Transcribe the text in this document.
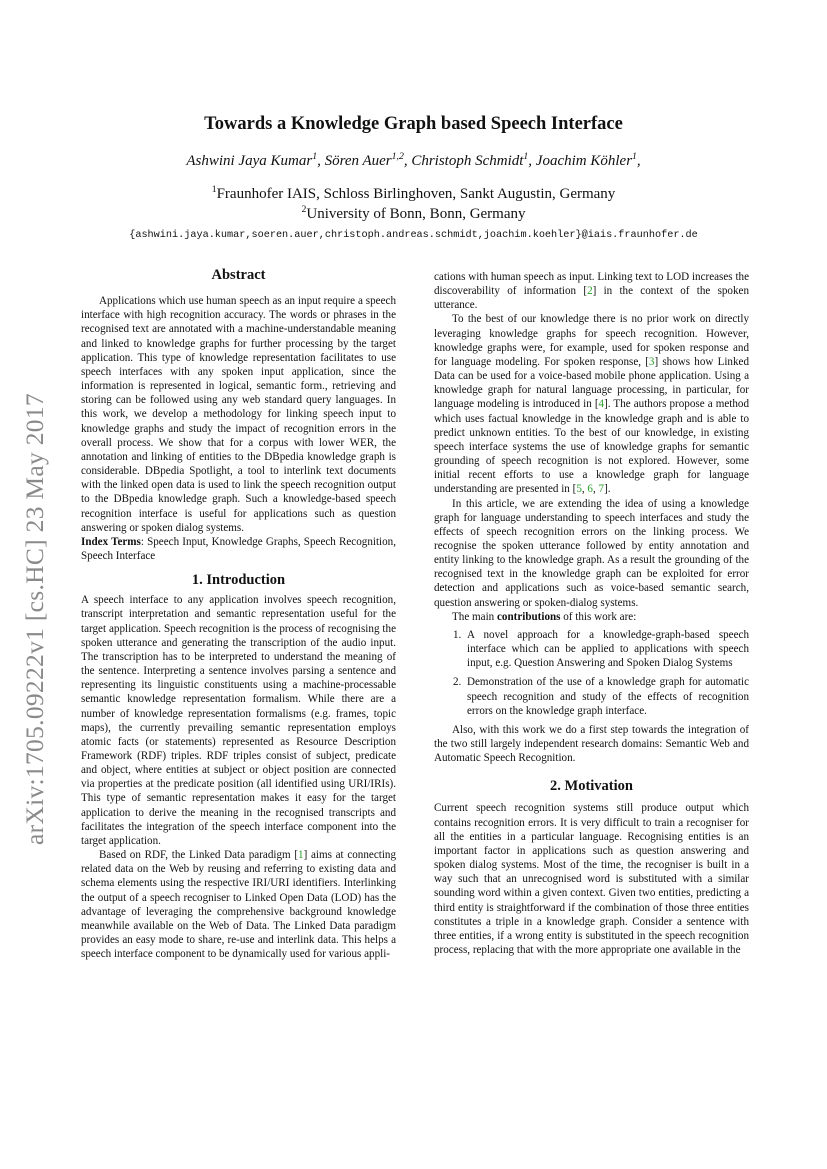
arXiv:1705.09222v1 [cs.HC] 23 May 2017
Towards a Knowledge Graph based Speech Interface
Ashwini Jaya Kumar$^1$, Sören Auer$^{1,2}$, Christoph Schmidt$^1$, Joachim Köhler$^1$,
$^1$Fraunhofer IAIS, Schloss Birlinghoven, Sankt Augustin, Germany
$^2$University of Bonn, Bonn, Germany
{ashwini.jaya.kumar,soeren.auer,christoph.andreas.schmidt,joachim.koehler}@iais.fraunhofer.de
Abstract

Applications which use human speech as an input require a speech interface with high recognition accuracy. The words or phrases in the recognised text are annotated with a machine-understandable meaning and linked to knowledge graphs for further processing by the target application. This type of knowledge representation facilitates to use speech interfaces with any spoken input application, since the information is represented in logical, semantic form., retrieving and storing can be followed using any web standard query languages. In this work, we develop a methodology for linking speech input to knowledge graphs and study the impact of recognition errors in the overall process. We show that for a corpus with lower WER, the annotation and linking of entities to the DBpedia knowledge graph is considerable. DBpedia Spotlight, a tool to interlink text documents with the linked open data is used to link the speech recognition output to the DBpedia knowledge graph. Such a knowledge-based speech recognition interface is useful for applications such as question answering or spoken dialog systems.

Index Terms: Speech Input, Knowledge Graphs, Speech Recognition, Speech Interface

1. Introduction

A speech interface to any application involves speech recognition, transcript interpretation and semantic representation useful for the target application. Speech recognition is the process of recognising the spoken utterance and generating the transcription of the audio input. The transcription has to be interpreted to understand the meaning of the sentence. Interpreting a sentence involves parsing a sentence and representing its linguistic constituents using a machine-processable semantic knowledge representation formalism. While there are a number of knowledge representation formalisms (e.g. frames, topic maps), the currently prevailing semantic representation employs atomic facts (or statements) represented as Resource Description Framework (RDF) triples. RDF triples consist of subject, predicate and object, where entities at subject or object position are connected via properties at the predicate position (all identified using URI/IRIs). This type of semantic representation makes it easy for the target application to derive the meaning in the recognised transcripts and facilitates the integration of the speech interface component into the target application.

Based on RDF, the Linked Data paradigm [1] aims at connecting related data on the Web by reusing and referring to existing data and schema elements using the respective IRI/URI identifiers. Interlinking the output of a speech recogniser to Linked Open Data (LOD) has the advantage of leveraging the comprehensive background knowledge meanwhile available on the Web of Data. The Linked Data paradigm provides an easy mode to share, re-use and interlink data. This helps a speech interface component to be dynamically used for various appli-

cations with human speech as input. Linking text to LOD increases the discoverability of information [2] in the context of the spoken utterance.

To the best of our knowledge there is no prior work on directly leveraging knowledge graphs for speech recognition. However, knowledge graphs were, for example, used for spoken response and for language modeling. For spoken response, [3] shows how Linked Data can be used for a voice-based mobile phone application. Using a knowledge graph for natural language processing, in particular, for language modeling is introduced in [4]. The authors propose a method which uses factual knowledge in the knowledge graph and is able to predict unknown entities. To the best of our knowledge, in existing speech interface systems the use of knowledge graphs for semantic grounding of speech recognition is not explored. However, some initial recent efforts to use a knowledge graph for language understanding are presented in [5, 6, 7].

In this article, we are extending the idea of using a knowledge graph for language understanding to speech interfaces and study the effects of speech recognition errors on the linking process. We recognise the spoken utterance followed by entity annotation and entity linking to the knowledge graph. As a result the grounding of the recognised text in the knowledge graph can be exploited for error detection and applications such as voice-based semantic search, question answering or spoken-dialog systems.

The main contributions of this work are:

1. A novel approach for a knowledge-graph-based speech interface which can be applied to applications with speech input, e.g. Question Answering and Spoken Dialog Systems
2. Demonstration of the use of a knowledge graph for automatic speech recognition and study of the effects of recognition errors on the knowledge graph interface.

Also, with this work we do a first step towards the integration of the two still largely independent research domains: Semantic Web and Automatic Speech Recognition.

2. Motivation

Current speech recognition systems still produce output which contains recognition errors. It is very difficult to train a recogniser for all the entities in a particular language. Recognising entities is an important factor in applications such as question answering and spoken dialog systems. Most of the time, the recogniser is built in a way such that an unrecognised word is substituted with a similar sounding word within a given context. Given two entities, predicting a third entity is straightforward if the combination of those three entities constitutes a triple in a knowledge graph. Consider a sentence with three entities, if a wrong entity is substituted in the speech recognition process, replacing that with the more appropriate one available in the
